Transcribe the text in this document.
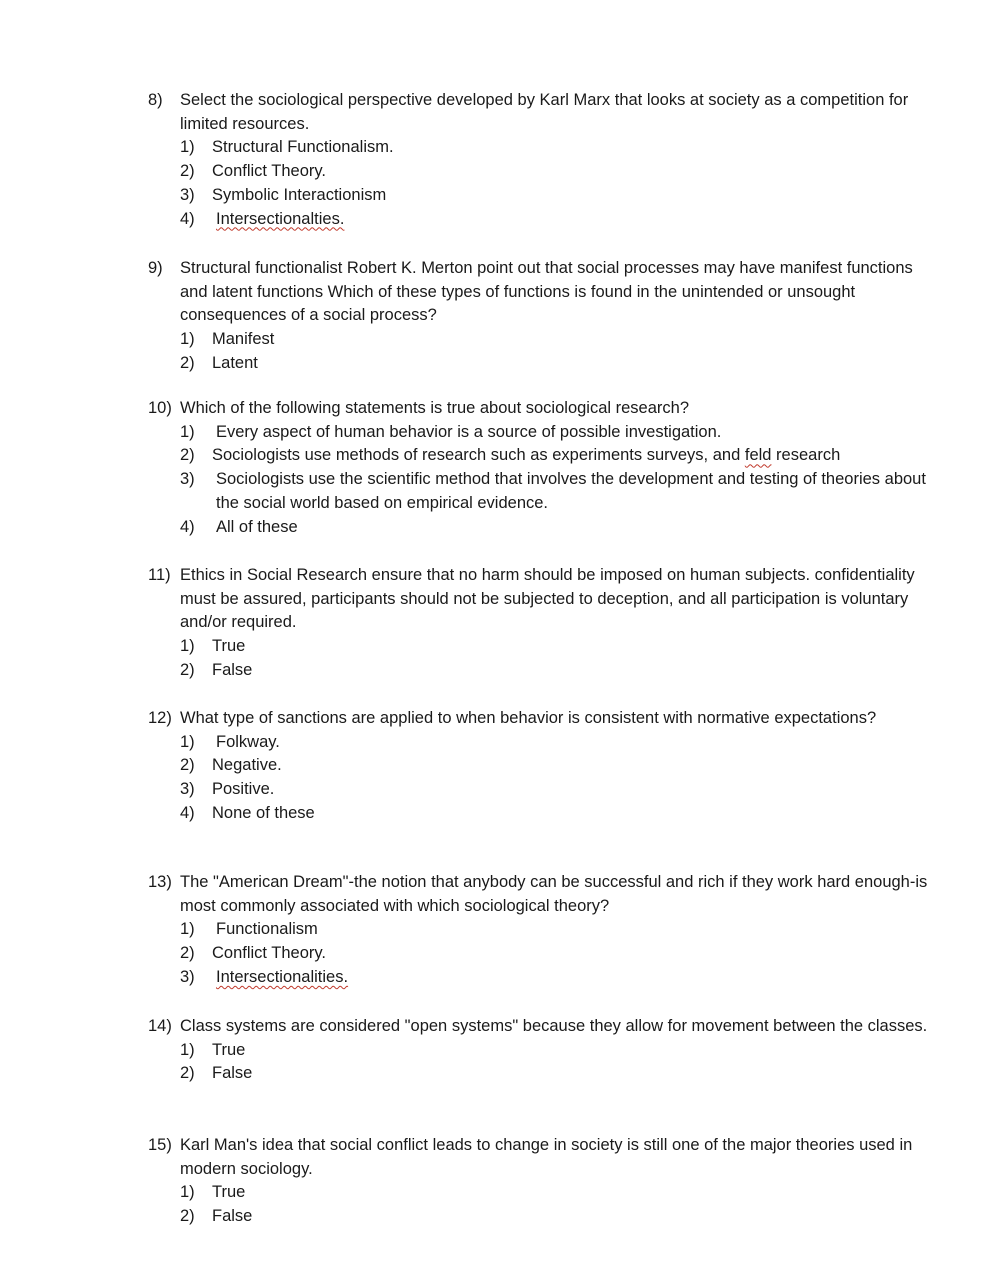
8) Select the sociological perspective developed by Karl Marx that looks at society as a competition for limited resources.
1) Structural Functionalism.
2) Conflict Theory.
3) Symbolic Interactionism
4) Intersectionalties.
9) Structural functionalist Robert K. Merton point out that social processes may have manifest functions and latent functions Which of these types of functions is found in the unintended or unsought consequences of a social process?
1) Manifest
2) Latent
10) Which of the following statements is true about sociological research?
1) Every aspect of human behavior is a source of possible investigation.
2) Sociologists use methods of research such as experiments surveys, and feld research
3) Sociologists use the scientific method that involves the development and testing of theories about the social world based on empirical evidence.
4) All of these
11) Ethics in Social Research ensure that no harm should be imposed on human subjects. confidentiality must be assured, participants should not be subjected to deception, and all participation is voluntary and/or required.
1) True
2) False
12) What type of sanctions are applied to when behavior is consistent with normative expectations?
1) Folkway.
2) Negative.
3) Positive.
4) None of these
13) The "American Dream"-the notion that anybody can be successful and rich if they work hard enough-is most commonly associated with which sociological theory?
1) Functionalism
2) Conflict Theory.
3) Intersectionalities.
14) Class systems are considered "open systems" because they allow for movement between the classes.
1) True
2) False
15) Karl Man's idea that social conflict leads to change in society is still one of the major theories used in modern sociology.
1) True
2) False
